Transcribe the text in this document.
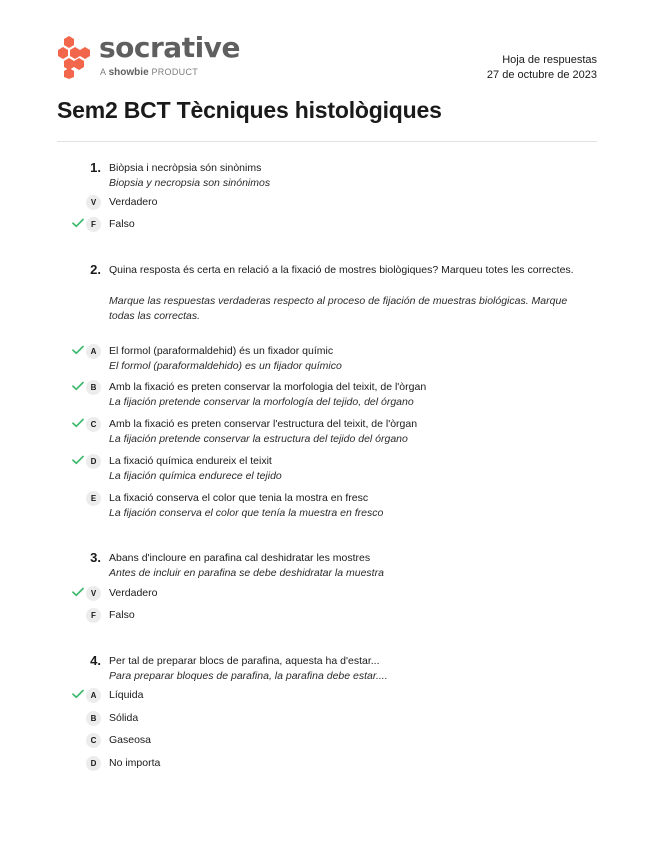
socrative
A showbie PRODUCT
Hoja de respuestas
27 de octubre de 2023
Sem2 BCT Tècniques histològiques
1. Biòpsia i necròpsia són sinònims
Biopsia y necropsia son sinónimos
V	Verdadero
F	Falso
2. Quina resposta és certa en relació a la fixació de mostres biològiques? Marqueu totes les correctes.
Marque las respuestas verdaderas respecto al proceso de fijación de muestras biológicas. Marque todas las correctas.
A	El formol (paraformaldehid) és un fixador químic
El formol (paraformaldehido) es un fijador químico
B	Amb la fixació es preten conservar la morfologia del teixit, de l'òrgan
La fijación pretende conservar la morfología del tejido, del órgano
C	Amb la fixació es preten conservar l'estructura del teixit, de l'òrgan
La fijación pretende conservar la estructura del tejido del órgano
D	La fixació química endureix el teixit
La fijación química endurece el tejido
E	La fixació conserva el color que tenia la mostra en fresc
La fijación conserva el color que tenía la muestra en fresco
3. Abans d'incloure en parafina cal deshidratar les mostres
Antes de incluir en parafina se debe deshidratar la muestra
V	Verdadero
F	Falso
4. Per tal de preparar blocs de parafina, aquesta ha d'estar...
Para preparar bloques de parafina, la parafina debe estar....
A	Líquida
B	Sólida
C	Gaseosa
D	No importa
